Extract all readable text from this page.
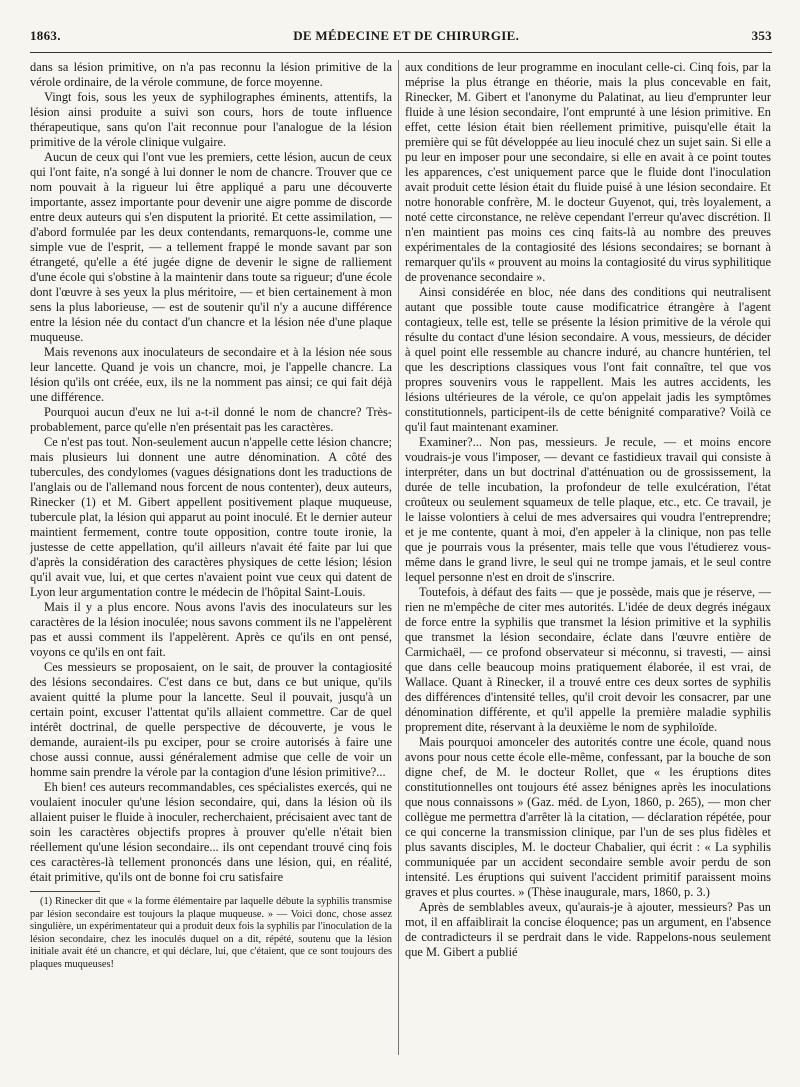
1863.	DE MÉDECINE ET DE CHIRURGIE.	353

dans sa lésion primitive, on n'a pas reconnu la lésion primitive de la vérole ordinaire, de la vérole commune, de force moyenne.

Vingt fois, sous les yeux de syphilographes éminents, attentifs, la lésion ainsi produite a suivi son cours, hors de toute influence thérapeutique, sans qu'on l'ait reconnue pour l'analogue de la lésion primitive de la vérole clinique vulgaire.

Aucun de ceux qui l'ont vue les premiers, cette lésion, aucun de ceux qui l'ont faite, n'a songé à lui donner le nom de chancre. Trouver que ce nom pouvait à la rigueur lui être appliqué a paru une découverte importante, assez importante pour devenir une aigre pomme de discorde entre deux auteurs qui s'en disputent la priorité. Et cette assimilation, — d'abord formulée par les deux contendants, remarquons-le, comme une simple vue de l'esprit, — a tellement frappé le monde savant par son étrangeté, qu'elle a été jugée digne de devenir le signe de ralliement d'une école qui s'obstine à la maintenir dans toute sa rigueur; d'une école dont l'œuvre à ses yeux la plus méritoire, — et bien certainement à mon sens la plus laborieuse, — est de soutenir qu'il n'y a aucune différence entre la lésion née du contact d'un chancre et la lésion née d'une plaque muqueuse.

Mais revenons aux inoculateurs de secondaire et à la lésion née sous leur lancette. Quand je vois un chancre, moi, je l'appelle chancre. La lésion qu'ils ont créée, eux, ils ne la nomment pas ainsi; ce qui fait déjà une différence.

Pourquoi aucun d'eux ne lui a-t-il donné le nom de chancre? Très-probablement, parce qu'elle n'en présentait pas les caractères.

Ce n'est pas tout. Non-seulement aucun n'appelle cette lésion chancre; mais plusieurs lui donnent une autre dénomination. A côté des tubercules, des condylomes (vagues désignations dont les traductions de l'anglais ou de l'allemand nous forcent de nous contenter), deux auteurs, Rinecker (1) et M. Gibert appellent positivement plaque muqueuse, tubercule plat, la lésion qui apparut au point inoculé. Et le dernier auteur maintient fermement, contre toute opposition, contre toute ironie, la justesse de cette appellation, qu'il ailleurs n'avait été faite par lui que d'après la considération des caractères physiques de cette lésion; lésion qu'il avait vue, lui, et que certes n'avaient point vue ceux qui datent de Lyon leur argumentation contre le médecin de l'hôpital Saint-Louis.

Mais il y a plus encore. Nous avons l'avis des inoculateurs sur les caractères de la lésion inoculée; nous savons comment ils ne l'appelèrent pas et aussi comment ils l'appelèrent. Après ce qu'ils en ont pensé, voyons ce qu'ils en ont fait.

Ces messieurs se proposaient, on le sait, de prouver la contagiosité des lésions secondaires. C'est dans ce but, dans ce but unique, qu'ils avaient quitté la plume pour la lancette. Seul il pouvait, jusqu'à un certain point, excuser l'attentat qu'ils allaient commettre. Car de quel intérêt doctrinal, de quelle perspective de découverte, je vous le demande, auraient-ils pu exciper, pour se croire autorisés à faire une chose aussi connue, aussi généralement admise que celle de voir un homme sain prendre la vérole par la contagion d'une lésion primitive?...

Eh bien! ces auteurs recommandables, ces spécialistes exercés, qui ne voulaient inoculer qu'une lésion secondaire, qui, dans la lésion où ils allaient puiser le fluide à inoculer, recherchaient, précisaient avec tant de soin les caractères objectifs propres à prouver qu'elle n'était bien réellement qu'une lésion secondaire... ils ont cependant trouvé cinq fois ces caractères-là tellement prononcés dans une lésion, qui, en réalité, était primitive, qu'ils ont de bonne foi cru satisfaire

(1) Rinecker dit que « la forme élémentaire par laquelle débute la syphilis transmise par lésion secondaire est toujours la plaque muqueuse. » — Voici donc, chose assez singulière, un expérimentateur qui a produit deux fois la syphilis par l'inoculation de la lésion secondaire, chez les inoculés duquel on a dit, répété, soutenu que la lésion initiale avait été un chancre, et qui déclare, lui, que c'étaient, que ce sont toujours des plaques muqueuses!

aux conditions de leur programme en inoculant celle-ci. Cinq fois, par la méprise la plus étrange en théorie, mais la plus concevable en fait, Rinecker, M. Gibert et l'anonyme du Palatinat, au lieu d'emprunter leur fluide à une lésion secondaire, l'ont emprunté à une lésion primitive. En effet, cette lésion était bien réellement primitive, puisqu'elle était la première qui se fût développée au lieu inoculé chez un sujet sain. Si elle a pu leur en imposer pour une secondaire, si elle en avait à ce point toutes les apparences, c'est uniquement parce que le fluide dont l'inoculation avait produit cette lésion était du fluide puisé à une lésion secondaire. Et notre honorable confrère, M. le docteur Guyenot, qui, très loyalement, a noté cette circonstance, ne relève cependant l'erreur qu'avec discrétion. Il n'en maintient pas moins ces cinq faits-là au nombre des preuves expérimentales de la contagiosité des lésions secondaires; se bornant à remarquer qu'ils « prouvent au moins la contagiosité du virus syphilitique de provenance secondaire ».

Ainsi considérée en bloc, née dans des conditions qui neutralisent autant que possible toute cause modificatrice étrangère à l'agent contagieux, telle est, telle se présente la lésion primitive de la vérole qui résulte du contact d'une lésion secondaire. A vous, messieurs, de décider à quel point elle ressemble au chancre induré, au chancre huntérien, tel que les descriptions classiques vous l'ont fait connaître, tel que vos propres souvenirs vous le rappellent. Mais les autres accidents, les lésions ultérieures de la vérole, ce qu'on appelait jadis les symptômes constitutionnels, participent-ils de cette bénignité comparative? Voilà ce qu'il faut maintenant examiner.

Examiner?... Non pas, messieurs. Je recule, — et moins encore voudrais-je vous l'imposer, — devant ce fastidieux travail qui consiste à interpréter, dans un but doctrinal d'atténuation ou de grossissement, la durée de telle incubation, la profondeur de telle exulcération, l'état croûteux ou seulement squameux de telle plaque, etc., etc. Ce travail, je le laisse volontiers à celui de mes adversaires qui voudra l'entreprendre; et je me contente, quant à moi, d'en appeler à la clinique, non pas telle que je pourrais vous la présenter, mais telle que vous l'étudierez vous-même dans le grand livre, le seul qui ne trompe jamais, et le seul contre lequel personne n'est en droit de s'inscrire.

Toutefois, à défaut des faits — que je possède, mais que je réserve, — rien ne m'empêche de citer mes autorités. L'idée de deux degrés inégaux de force entre la syphilis que transmet la lésion primitive et la syphilis que transmet la lésion secondaire, éclate dans l'œuvre entière de Carmichaël, — ce profond observateur si méconnu, si travesti, — ainsi que dans celle beaucoup moins pratiquement élaborée, il est vrai, de Wallace. Quant à Rinecker, il a trouvé entre ces deux sortes de syphilis des différences d'intensité telles, qu'il croit devoir les consacrer, par une dénomination différente, et qu'il appelle la première maladie syphilis proprement dite, réservant à la deuxième le nom de syphiloïde.

Mais pourquoi amonceler des autorités contre une école, quand nous avons pour nous cette école elle-même, confessant, par la bouche de son digne chef, de M. le docteur Rollet, que « les éruptions dites constitutionnelles ont toujours été assez bénignes après les inoculations que nous connaissons » (Gaz. méd. de Lyon, 1860, p. 265), — mon cher collègue me permettra d'arrêter là la citation, — déclaration répétée, pour ce qui concerne la transmission clinique, par l'un de ses plus fidèles et plus savants disciples, M. le docteur Chabalier, qui écrit : « La syphilis communiquée par un accident secondaire semble avoir perdu de son intensité. Les éruptions qui suivent l'accident primitif paraissent moins graves et plus courtes. » (Thèse inaugurale, mars, 1860, p. 3.)

Après de semblables aveux, qu'aurais-je à ajouter, messieurs? Pas un mot, il en affaiblirait la concise éloquence; pas un argument, en l'absence de contradicteurs il se perdrait dans le vide. Rappelons-nous seulement que M. Gibert a publié
